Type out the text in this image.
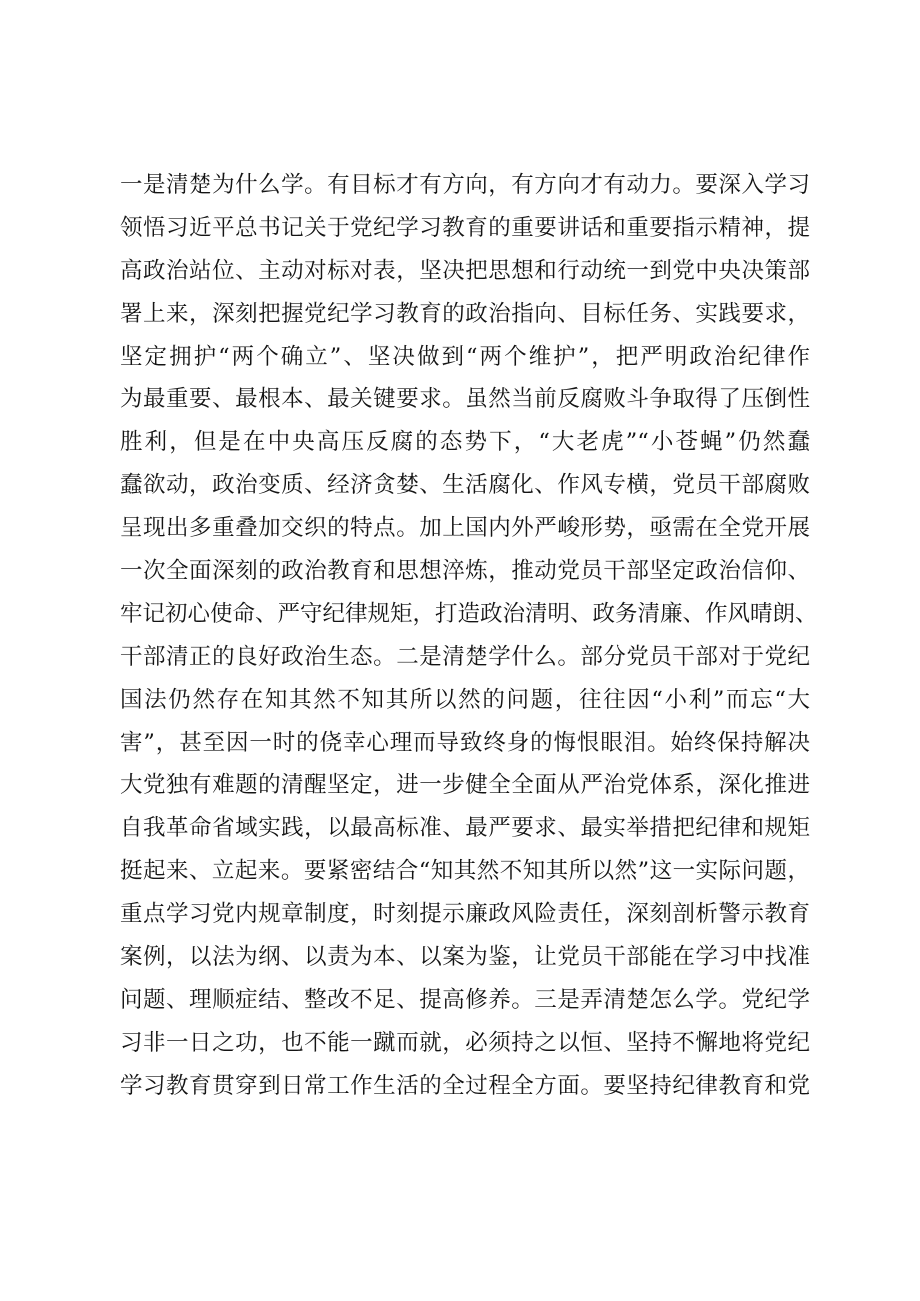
一是清楚为什么学。有目标才有方向，有方向才有动力。要深入学习
领悟习近平总书记关于党纪学习教育的重要讲话和重要指示精神，提
高政治站位、主动对标对表，坚决把思想和行动统一到党中央决策部
署上来，深刻把握党纪学习教育的政治指向、目标任务、实践要求，
坚定拥护“两个确立”、坚决做到“两个维护”，把严明政治纪律作
为最重要、最根本、最关键要求。虽然当前反腐败斗争取得了压倒性
胜利，但是在中央高压反腐的态势下，“大老虎”“小苍蝇”仍然蠢
蠢欲动，政治变质、经济贪婪、生活腐化、作风专横，党员干部腐败
呈现出多重叠加交织的特点。加上国内外严峻形势，亟需在全党开展
一次全面深刻的政治教育和思想淬炼，推动党员干部坚定政治信仰、
牢记初心使命、严守纪律规矩，打造政治清明、政务清廉、作风晴朗、
干部清正的良好政治生态。二是清楚学什么。部分党员干部对于党纪
国法仍然存在知其然不知其所以然的问题，往往因“小利”而忘“大
害”，甚至因一时的侥幸心理而导致终身的悔恨眼泪。始终保持解决
大党独有难题的清醒坚定，进一步健全全面从严治党体系，深化推进
自我革命省域实践，以最高标准、最严要求、最实举措把纪律和规矩
挺起来、立起来。要紧密结合“知其然不知其所以然”这一实际问题，
重点学习党内规章制度，时刻提示廉政风险责任，深刻剖析警示教育
案例，以法为纲、以责为本、以案为鉴，让党员干部能在学习中找准
问题、理顺症结、整改不足、提高修养。三是弄清楚怎么学。党纪学
习非一日之功，也不能一蹴而就，必须持之以恒、坚持不懈地将党纪
学习教育贯穿到日常工作生活的全过程全方面。要坚持纪律教育和党
